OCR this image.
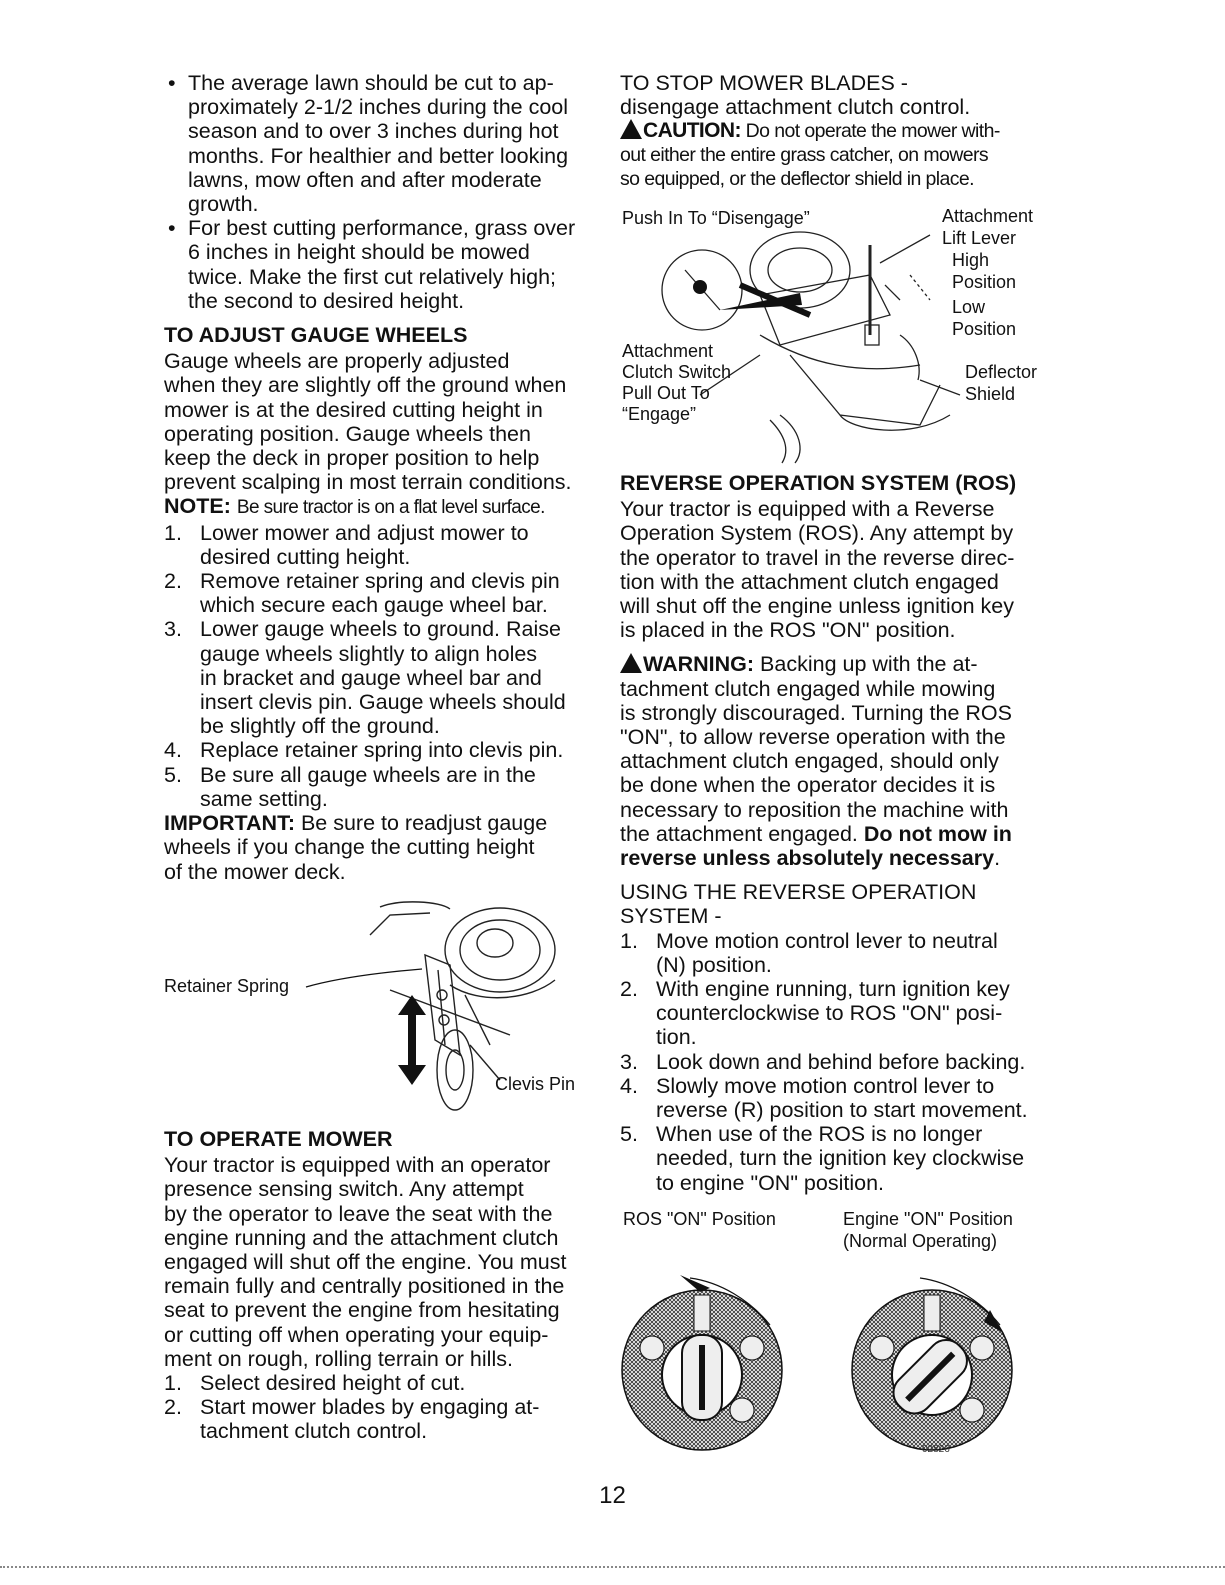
• The average lawn should be cut to ap-

proximately 2-1/2 inches during the cool

season and to over 3 inches during hot

months. For healthier and better looking

lawns, mow often and after moderate

growth.

• For best cutting performance, grass over

6 inches in height should be mowed

twice. Make the first cut relatively high;

the second to desired height.

TO ADJUST GAUGE WHEELS

Gauge wheels are properly adjusted

when they are slightly off the ground when

mower is at the desired cutting height in

operating position. Gauge wheels then

keep the deck in proper position to help

prevent scalping in most terrain conditions.

NOTE: Be sure tractor is on a flat level surface.

1. Lower mower and adjust mower to

desired cutting height.

2. Remove retainer spring and clevis pin

which secure each gauge wheel bar.

3. Lower gauge wheels to ground. Raise

gauge wheels slightly to align holes

in bracket and gauge wheel bar and

insert clevis pin. Gauge wheels should

be slightly off the ground.

4. Replace retainer spring into clevis pin.

5. Be sure all gauge wheels are in the

same setting.

IMPORTANT: Be sure to readjust gauge

wheels if you change the cutting height

of the mower deck.

Retainer Spring
Clevis Pin

TO OPERATE MOWER

Your tractor is equipped with an operator

presence sensing switch. Any attempt

by the operator to leave the seat with the

engine running and the attachment clutch

engaged will shut off the engine. You must

remain fully and centrally positioned in the

seat to prevent the engine from hesitating

or cutting off when operating your equip-

ment on rough, rolling terrain or hills.

1. Select desired height of cut.

2. Start mower blades by engaging at-

tachment clutch control.

TO STOP MOWER BLADES -

disengage attachment clutch control.

CAUTION: Do not operate the mower with-

out either the entire grass catcher, on mowers

so equipped, or the deflector shield in place.

Push In To “Disengage”	Attachment
Lift Lever
High
Position
Low
Position
Attachment
Clutch Switch
Pull Out To
“Engage”
Deflector
Shield

REVERSE OPERATION SYSTEM (ROS)

Your tractor is equipped with a Reverse

Operation System (ROS). Any attempt by

the operator to travel in the reverse direc-

tion with the attachment clutch engaged

will shut off the engine unless ignition key

is placed in the ROS "ON" position.

WARNING: Backing up with the at-

tachment clutch engaged while mowing

is strongly discouraged. Turning the ROS

"ON", to allow reverse operation with the

attachment clutch engaged, should only

be done when the operator decides it is

necessary to reposition the machine with

the attachment engaged. Do not mow in

reverse unless absolutely necessary.

USING THE REVERSE OPERATION

SYSTEM -

1. Move motion control lever to neutral

(N) position.

2. With engine running, turn ignition key

counterclockwise to ROS "ON" posi-

tion.

3. Look down and behind before backing.

4. Slowly move motion control lever to

reverse (R) position to start movement.

5. When use of the ROS is no longer

needed, turn the ignition key clockwise

to engine "ON" position.

ROS "ON" Position	Engine "ON" Position
(Normal Operating)
02826
12
